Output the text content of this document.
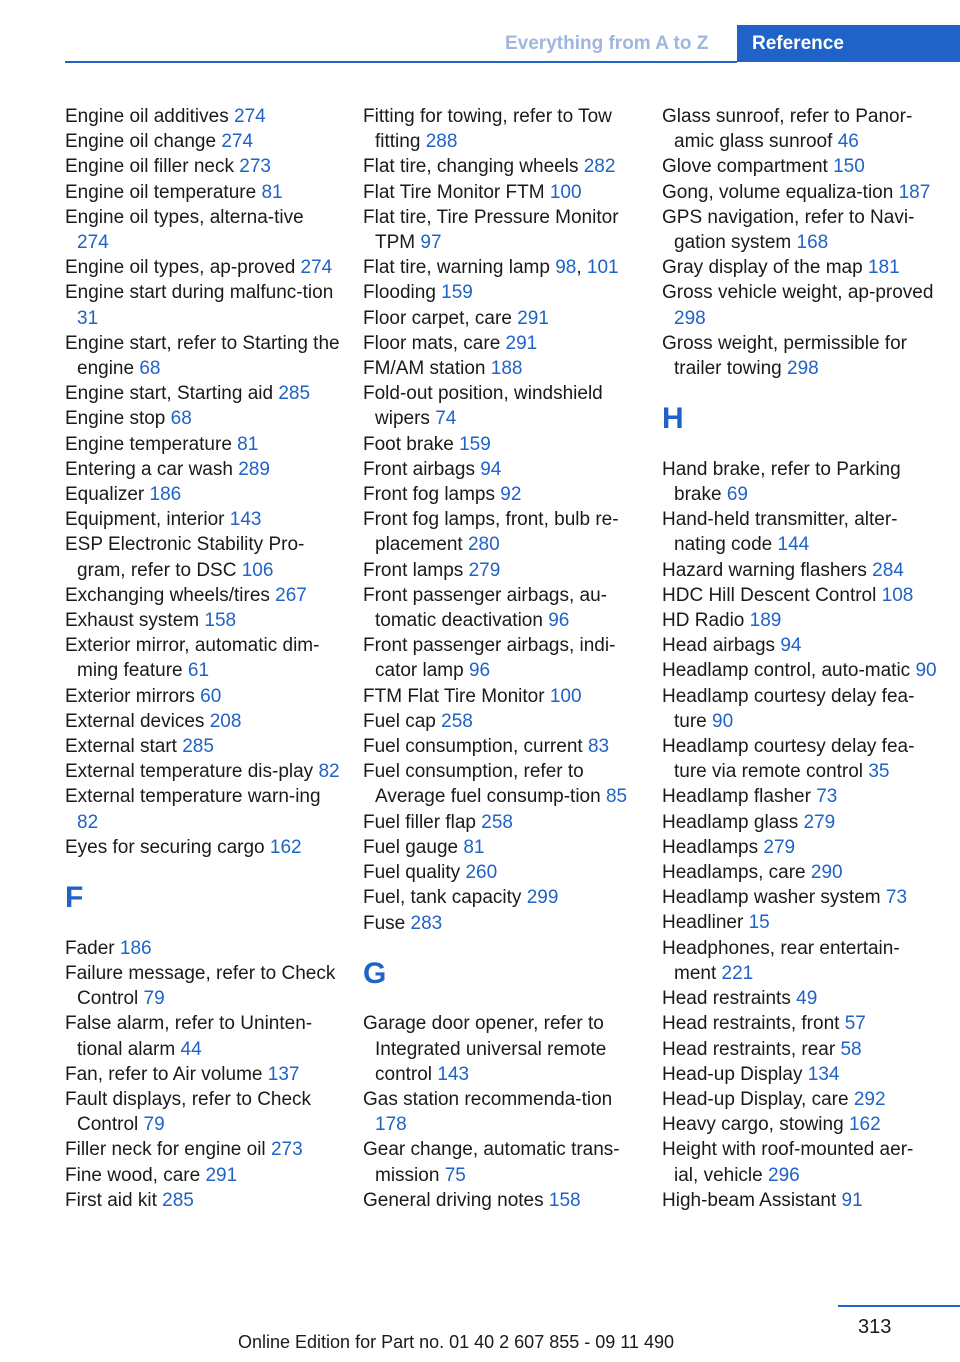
Everything from A to Z	Reference
Engine oil additives 274
Engine oil change 274
Engine oil filler neck 273
Engine oil temperature 81
Engine oil types, alterna-tive 274
Engine oil types, ap-proved 274
Engine start during malfunc-tion 31
Engine start, refer to Starting the engine 68
Engine start, Starting aid 285
Engine stop 68
Engine temperature 81
Entering a car wash 289
Equalizer 186
Equipment, interior 143
ESP Electronic Stability Pro-gram, refer to DSC 106
Exchanging wheels/tires 267
Exhaust system 158
Exterior mirror, automatic dim-ming feature 61
Exterior mirrors 60
External devices 208
External start 285
External temperature dis-play 82
External temperature warn-ing 82
Eyes for securing cargo 162
F
Fader 186
Failure message, refer to Check Control 79
False alarm, refer to Uninten-tional alarm 44
Fan, refer to Air volume 137
Fault displays, refer to Check Control 79
Filler neck for engine oil 273
Fine wood, care 291
First aid kit 285
Fitting for towing, refer to Tow fitting 288
Flat tire, changing wheels 282
Flat Tire Monitor FTM 100
Flat tire, Tire Pressure Monitor TPM 97
Flat tire, warning lamp 98, 101
Flooding 159
Floor carpet, care 291
Floor mats, care 291
FM/AM station 188
Fold-out position, windshield wipers 74
Foot brake 159
Front airbags 94
Front fog lamps 92
Front fog lamps, front, bulb re-placement 280
Front lamps 279
Front passenger airbags, au-tomatic deactivation 96
Front passenger airbags, indi-cator lamp 96
FTM Flat Tire Monitor 100
Fuel cap 258
Fuel consumption, current 83
Fuel consumption, refer to Average fuel consump-tion 85
Fuel filler flap 258
Fuel gauge 81
Fuel quality 260
Fuel, tank capacity 299
Fuse 283
G
Garage door opener, refer to Integrated universal remote control 143
Gas station recommenda-tion 178
Gear change, automatic trans-mission 75
General driving notes 158
Glass sunroof, refer to Panor-amic glass sunroof 46
Glove compartment 150
Gong, volume equaliza-tion 187
GPS navigation, refer to Navi-gation system 168
Gray display of the map 181
Gross vehicle weight, ap-proved 298
Gross weight, permissible for trailer towing 298
H
Hand brake, refer to Parking brake 69
Hand-held transmitter, alter-nating code 144
Hazard warning flashers 284
HDC Hill Descent Control 108
HD Radio 189
Head airbags 94
Headlamp control, auto-matic 90
Headlamp courtesy delay fea-ture 90
Headlamp courtesy delay fea-ture via remote control 35
Headlamp flasher 73
Headlamp glass 279
Headlamps 279
Headlamps, care 290
Headlamp washer system 73
Headliner 15
Headphones, rear entertain-ment 221
Head restraints 49
Head restraints, front 57
Head restraints, rear 58
Head-up Display 134
Head-up Display, care 292
Heavy cargo, stowing 162
Height with roof-mounted aer-ial, vehicle 296
High-beam Assistant 91
313
Online Edition for Part no. 01 40 2 607 855 - 09 11 490
